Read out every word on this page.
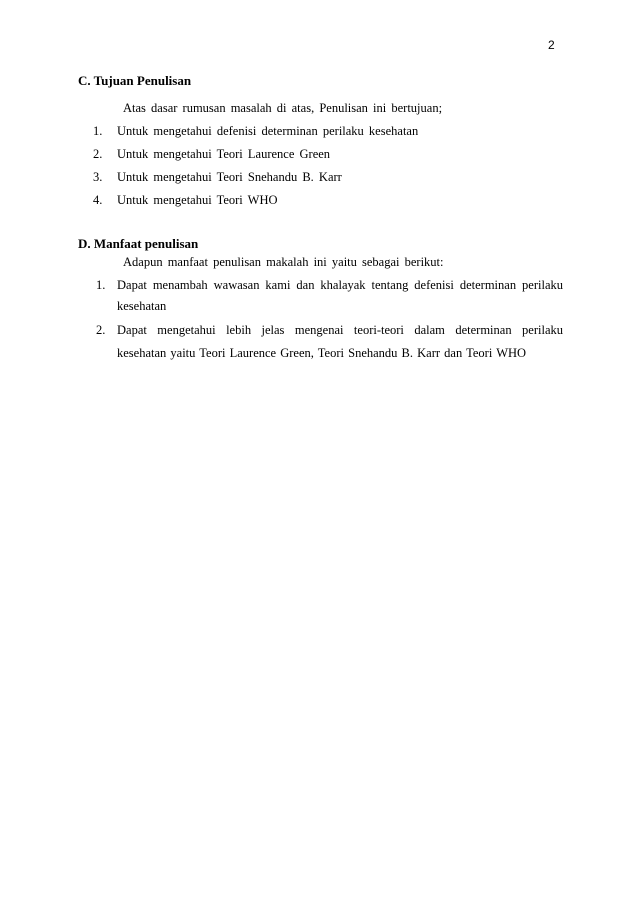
2
C. Tujuan Penulisan
Atas dasar rumusan masalah di atas, Penulisan ini bertujuan;
1. Untuk mengetahui defenisi determinan perilaku kesehatan
2. Untuk mengetahui Teori Laurence Green
3. Untuk mengetahui Teori Snehandu B. Karr
4. Untuk mengetahui Teori WHO
D. Manfaat penulisan
Adapun manfaat penulisan makalah ini yaitu sebagai berikut:
1. Dapat menambah wawasan kami dan khalayak tentang defenisi determinan perilaku
kesehatan
2. Dapat mengetahui lebih jelas mengenai teori-teori dalam determinan perilaku
kesehatan yaitu Teori Laurence Green, Teori Snehandu B. Karr dan Teori WHO
